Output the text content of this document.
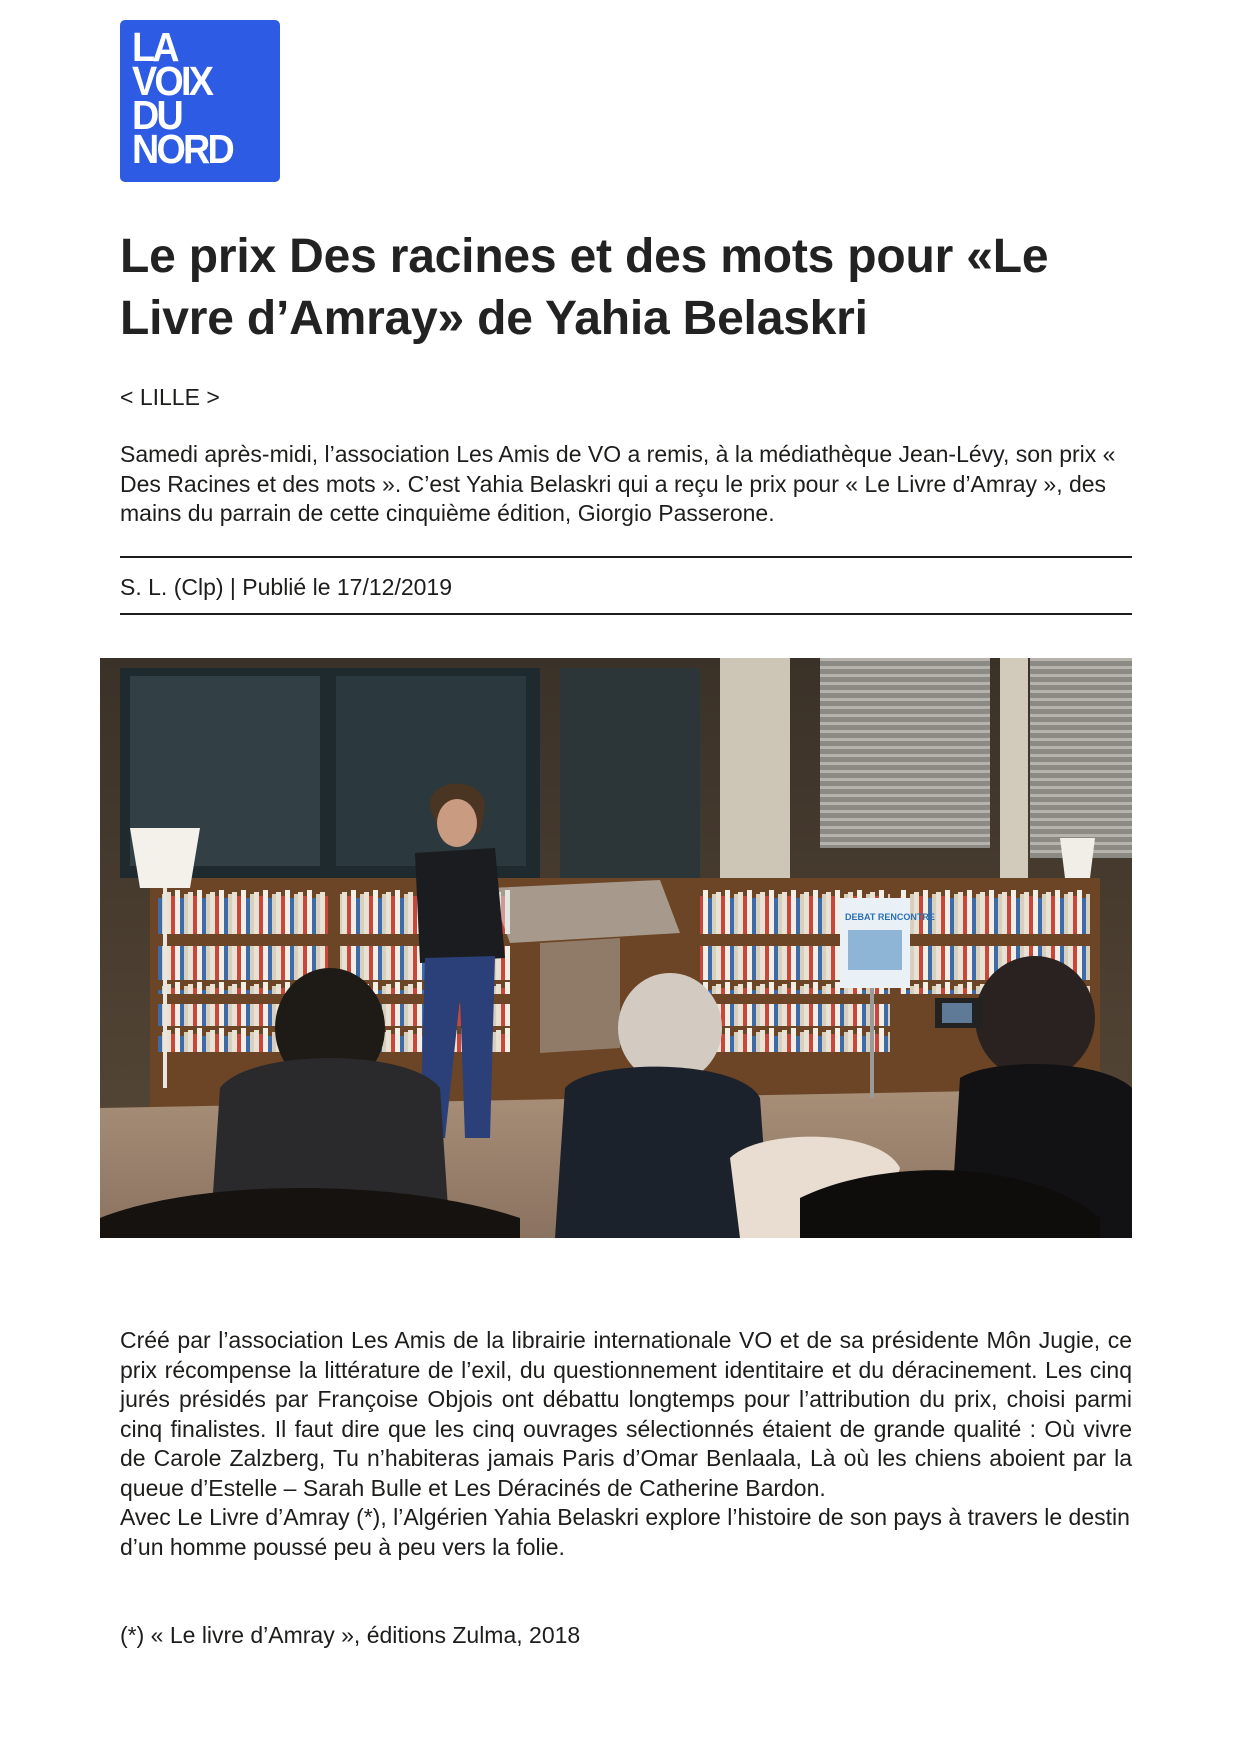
LA
VOIX
DU
NORD
Le prix Des racines et des mots pour «Le Livre d’Amray» de Yahia Belaskri
< LILLE >

Samedi après-midi, l’association Les Amis de VO a remis, à la médiathèque Jean-Lévy, son prix « Des Racines et des mots ». C’est Yahia Belaskri qui a reçu le prix pour « Le Livre d’Amray », des mains du parrain de cette cinquième édition, Giorgio Passerone.

S. L. (Clp) | Publié le 17/12/2019
DEBAT RENCONTRE

Créé par l’association Les Amis de la librairie internationale VO et de sa présidente Môn Jugie, ce prix récompense la littérature de l’exil, du questionnement identitaire et du déracinement. Les cinq jurés présidés par Françoise Objois ont débattu longtemps pour l’attribution du prix, choisi parmi cinq finalistes. Il faut dire que les cinq ouvrages sélectionnés étaient de grande qualité : Où vivre de Carole Zalzberg, Tu n’habiteras jamais Paris d’Omar Benlaala, Là où les chiens aboient par la queue d’Estelle – Sarah Bulle et Les Déracinés de Catherine Bardon.
Avec Le Livre d’Amray (*), l’Algérien Yahia Belaskri explore l’histoire de son pays à travers le destin d’un homme poussé peu à peu vers la folie.

(*) « Le livre d’Amray », éditions Zulma, 2018
